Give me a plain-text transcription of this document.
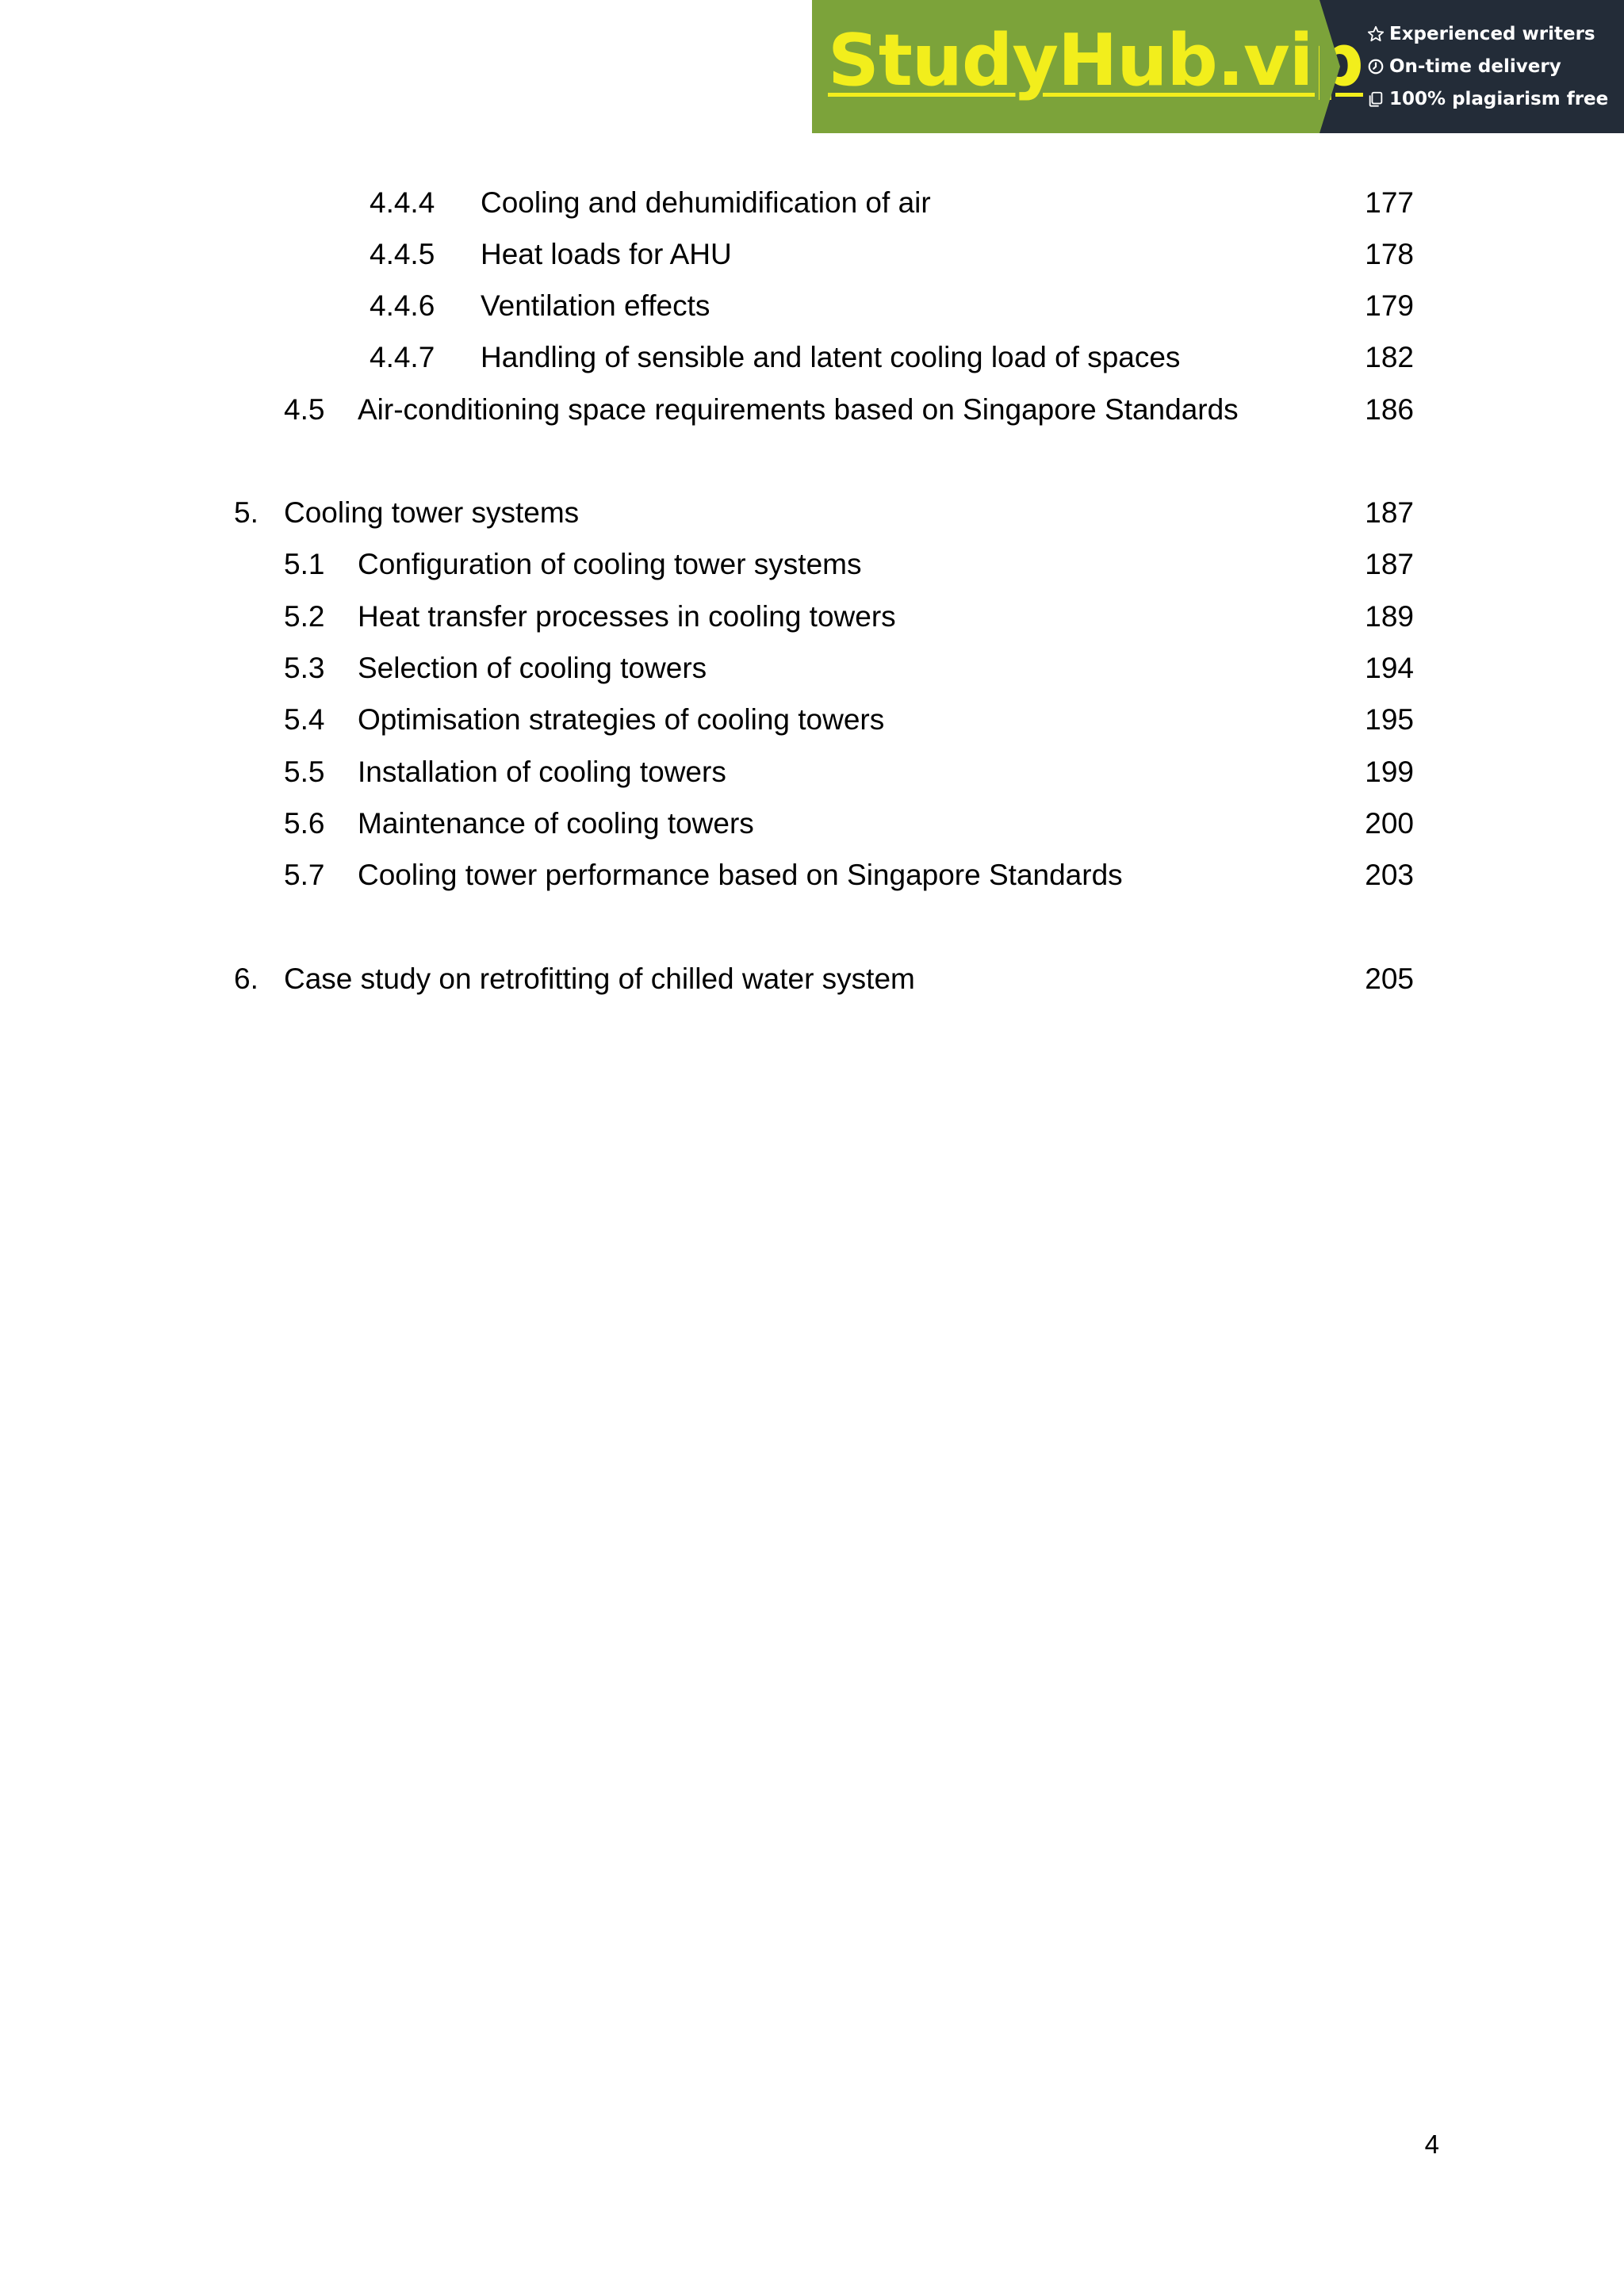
StudyHub.vip Experienced writers
On-time delivery
100% plagiarism free
4.4.4 Cooling and dehumidification of air	177
4.4.5 Heat loads for AHU	178
4.4.6 Ventilation effects	179
4.4.7 Handling of sensible and latent cooling load of spaces	182
4.5 Air-conditioning space requirements based on Singapore Standards	186
5. Cooling tower systems	187
5.1 Configuration of cooling tower systems	187
5.2 Heat transfer processes in cooling towers	189
5.3 Selection of cooling towers	194
5.4 Optimisation strategies of cooling towers	195
5.5 Installation of cooling towers	199
5.6 Maintenance of cooling towers	200
5.7 Cooling tower performance based on Singapore Standards	203
6. Case study on retrofitting of chilled water system	205
4
